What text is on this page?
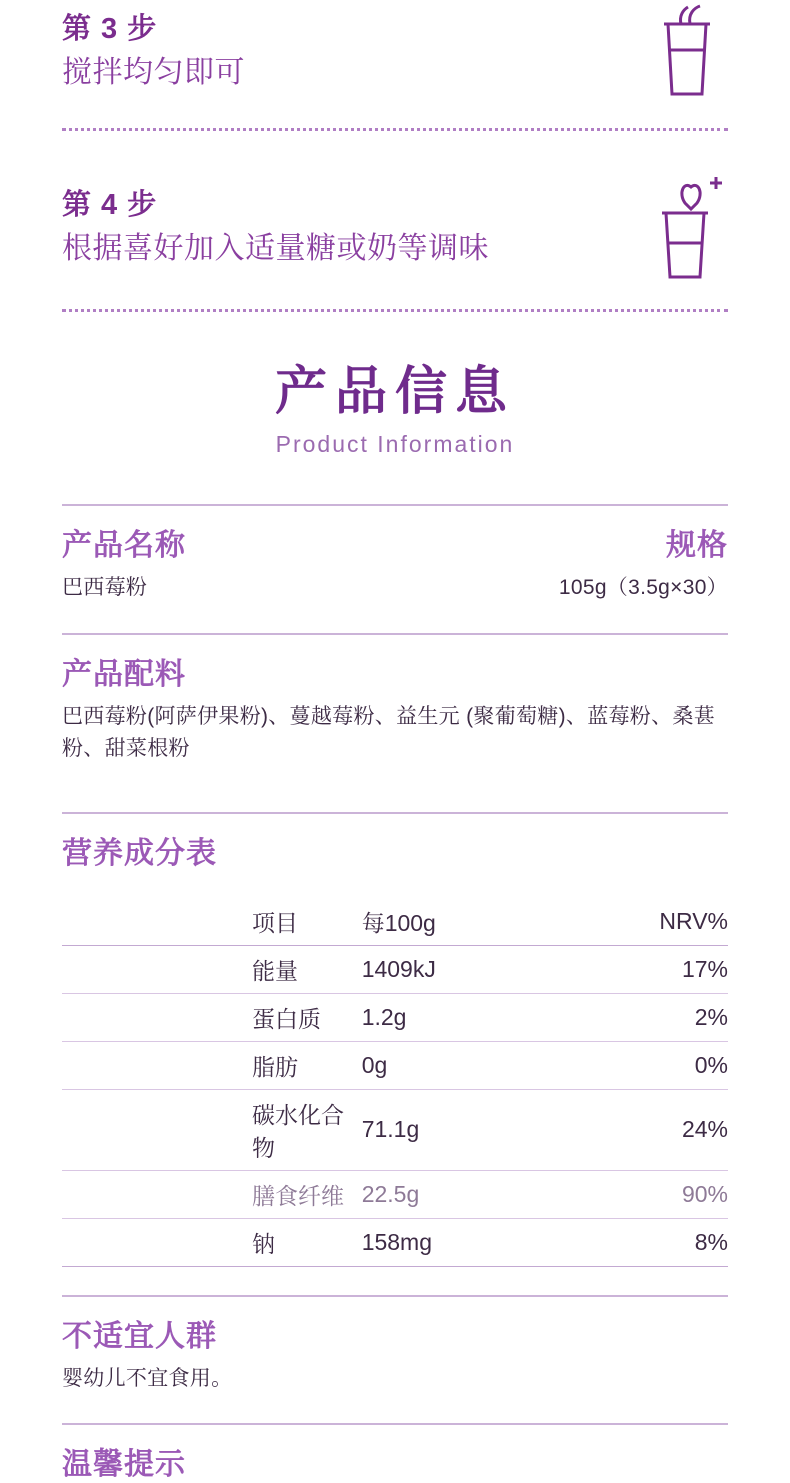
第 3 步
搅拌均匀即可
第 4 步
根据喜好加入适量糖或奶等调味
产品信息
Product Information
产品名称
巴西莓粉
规格
105g（3.5g×30）
产品配料
巴西莓粉(阿萨伊果粉)、蔓越莓粉、益生元 (聚葡萄糖)、蓝莓粉、桑葚粉、甜菜根粉
营养成分表
项目	每100g	NRV%
能量	1409kJ	17%
蛋白质	1.2g	2%
脂肪	0g	0%
碳水化合物	71.1g	24%
膳食纤维	22.5g	90%
钠	158mg	8%
不适宜人群
婴幼儿不宜食用。
温馨提示
